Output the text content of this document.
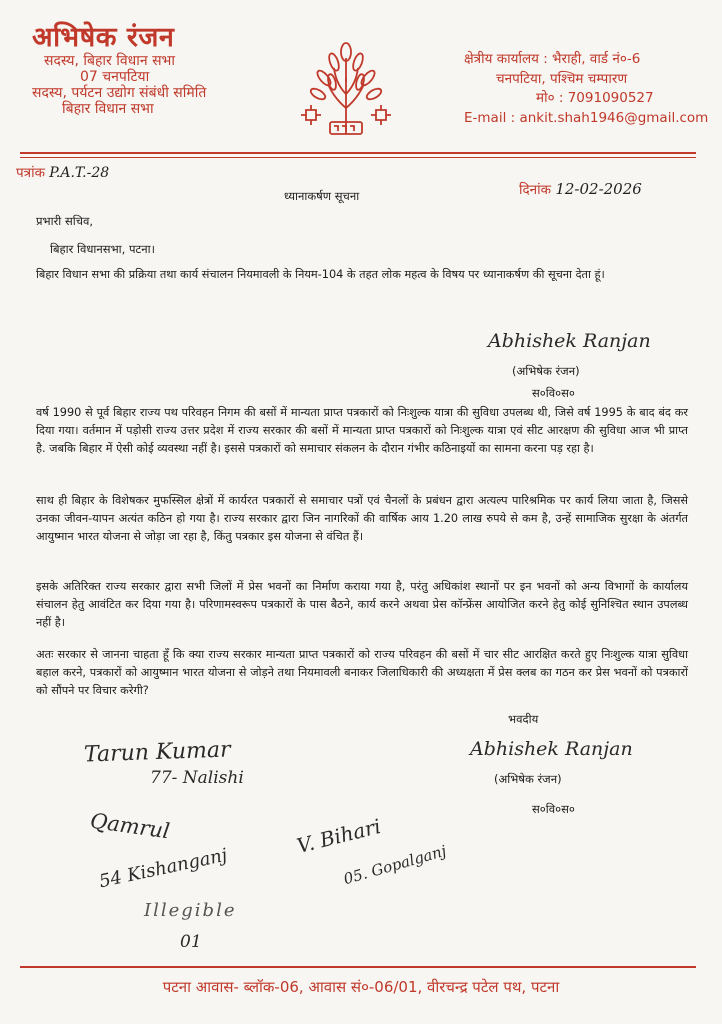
अभिषेक रंजन
सदस्य, बिहार विधान सभा
07 चनपटिया
सदस्य, पर्यटन उद्योग संबंधी समिति
बिहार विधान सभा
क्षेत्रीय कार्यालय : भैराही, वार्ड नं०-6
चनपटिया, पश्चिम चम्पारण
मो० : 7091090527
E-mail : ankit.shah1946@gmail.com
पत्रांक P.A.T.-28
दिनांक 12-02-2026
ध्यानाकर्षण सूचना
प्रभारी सचिव,
बिहार विधानसभा, पटना।
बिहार विधान सभा की प्रक्रिया तथा कार्य संचालन नियमावली के नियम-104 के तहत लोक महत्व के विषय पर ध्यानाकर्षण की सूचना देता हूं।
Abhishek Ranjan
(अभिषेक रंजन)
स०वि०स०
वर्ष 1990 से पूर्व बिहार राज्य पथ परिवहन निगम की बसों में मान्यता प्राप्त पत्रकारों को निःशुल्क यात्रा की सुविधा उपलब्ध थी, जिसे वर्ष 1995 के बाद बंद कर दिया गया। वर्तमान में पड़ोसी राज्य उत्तर प्रदेश में राज्य सरकार की बसों में मान्यता प्राप्त पत्रकारों को निःशुल्क यात्रा एवं सीट आरक्षण की सुविधा आज भी प्राप्त है. जबकि बिहार में ऐसी कोई व्यवस्था नहीं है। इससे पत्रकारों को समाचार संकलन के दौरान गंभीर कठिनाइयों का सामना करना पड़ रहा है।
साथ ही बिहार के विशेषकर मुफस्सिल क्षेत्रों में कार्यरत पत्रकारों से समाचार पत्रों एवं चैनलों के प्रबंधन द्वारा अत्यल्प पारिश्रमिक पर कार्य लिया जाता है, जिससे उनका जीवन-यापन अत्यंत कठिन हो गया है। राज्य सरकार द्वारा जिन नागरिकों की वार्षिक आय 1.20 लाख रुपये से कम है, उन्हें सामाजिक सुरक्षा के अंतर्गत आयुष्मान भारत योजना से जोड़ा जा रहा है, किंतु पत्रकार इस योजना से वंचित हैं।
इसके अतिरिक्त राज्य सरकार द्वारा सभी जिलों में प्रेस भवनों का निर्माण कराया गया है, परंतु अधिकांश स्थानों पर इन भवनों को अन्य विभागों के कार्यालय संचालन हेतु आवंटित कर दिया गया है। परिणामस्वरूप पत्रकारों के पास बैठने, कार्य करने अथवा प्रेस कॉन्फ्रेंस आयोजित करने हेतु कोई सुनिश्चित स्थान उपलब्ध नहीं है।
अतः सरकार से जानना चाहता हूँ कि क्या राज्य सरकार मान्यता प्राप्त पत्रकारों को राज्य परिवहन की बसों में चार सीट आरक्षित करते हुए निःशुल्क यात्रा सुविधा बहाल करने, पत्रकारों को आयुष्मान भारत योजना से जोड़ने तथा नियमावली बनाकर जिलाधिकारी की अध्यक्षता में प्रेस क्लब का गठन कर प्रेस भवनों को पत्रकारों को सौंपने पर विचार करेगी?
भवदीय
Abhishek Ranjan
(अभिषेक रंजन)
स०वि०स०
Tarun Kumar
77- Nalishi
Qamrul
54 Kishanganj
V. Bihari
05. Gopalganj
Illegible
01
पटना आवास- ब्लॉक-06, आवास सं०-06/01, वीरचन्द्र पटेल पथ, पटना
